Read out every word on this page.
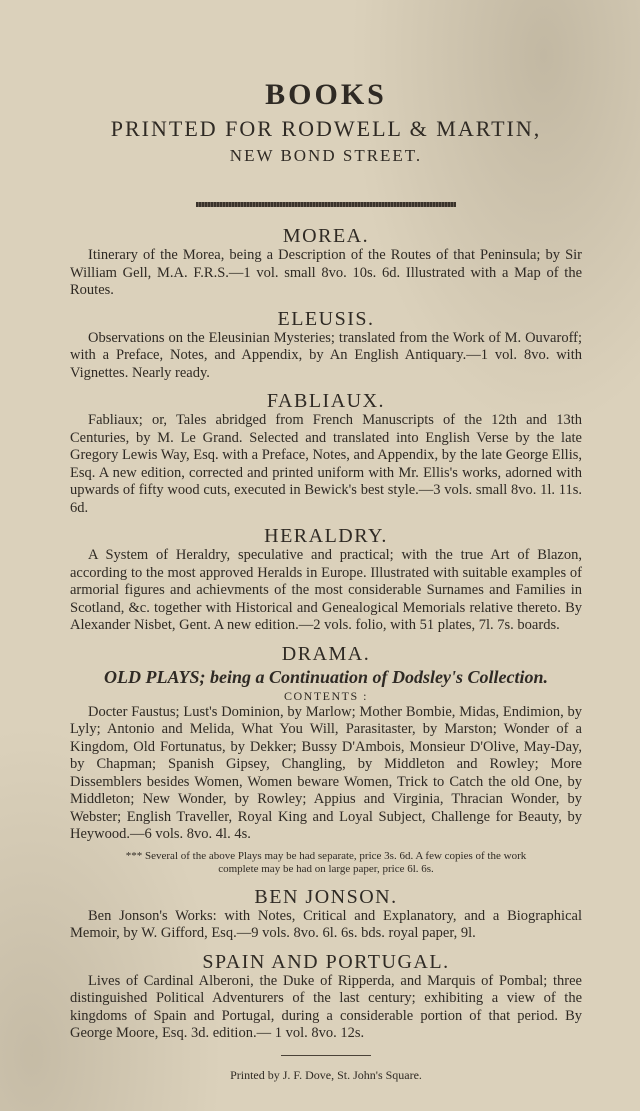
BOOKS
PRINTED FOR RODWELL & MARTIN,
NEW BOND STREET.
MOREA.

Itinerary of the Morea, being a Description of the Routes of that Peninsula; by Sir William Gell, M.A. F.R.S.—1 vol. small 8vo. 10s. 6d. Illustrated with a Map of the Routes.

ELEUSIS.

Observations on the Eleusinian Mysteries; translated from the Work of M. Ouvaroff; with a Preface, Notes, and Appendix, by An English Antiquary.—1 vol. 8vo. with Vignettes. Nearly ready.

FABLIAUX.

Fabliaux; or, Tales abridged from French Manuscripts of the 12th and 13th Centuries, by M. Le Grand. Selected and translated into English Verse by the late Gregory Lewis Way, Esq. with a Preface, Notes, and Appendix, by the late George Ellis, Esq. A new edition, corrected and printed uniform with Mr. Ellis's works, adorned with upwards of fifty wood cuts, executed in Bewick's best style.—3 vols. small 8vo. 1l. 11s. 6d.

HERALDRY.

A System of Heraldry, speculative and practical; with the true Art of Blazon, according to the most approved Heralds in Europe. Illustrated with suitable examples of armorial figures and achievments of the most considerable Surnames and Families in Scotland, &c. together with Historical and Genealogical Memorials relative thereto. By Alexander Nisbet, Gent. A new edition.—2 vols. folio, with 51 plates, 7l. 7s. boards.

DRAMA.
OLD PLAYS; being a Continuation of Dodsley's Collection.
CONTENTS :

Docter Faustus; Lust's Dominion, by Marlow; Mother Bombie, Midas, Endimion, by Lyly; Antonio and Melida, What You Will, Parasitaster, by Marston; Wonder of a Kingdom, Old Fortunatus, by Dekker; Bussy D'Ambois, Monsieur D'Olive, May-Day, by Chapman; Spanish Gipsey, Changling, by Middleton and Rowley; More Dissemblers besides Women, Women beware Women, Trick to Catch the old One, by Middleton; New Wonder, by Rowley; Appius and Virginia, Thracian Wonder, by Webster; English Traveller, Royal King and Loyal Subject, Challenge for Beauty, by Heywood.—6 vols. 8vo. 4l. 4s.

*** Several of the above Plays may be had separate, price 3s. 6d. A few copies of the work complete may be had on large paper, price 6l. 6s.
BEN JONSON.

Ben Jonson's Works: with Notes, Critical and Explanatory, and a Biographical Memoir, by W. Gifford, Esq.—9 vols. 8vo. 6l. 6s. bds. royal paper, 9l.

SPAIN AND PORTUGAL.

Lives of Cardinal Alberoni, the Duke of Ripperda, and Marquis of Pombal; three distinguished Political Adventurers of the last century; exhibiting a view of the kingdoms of Spain and Portugal, during a considerable portion of that period. By George Moore, Esq. 3d. edition.— 1 vol. 8vo. 12s.

Printed by J. F. Dove, St. John's Square.
